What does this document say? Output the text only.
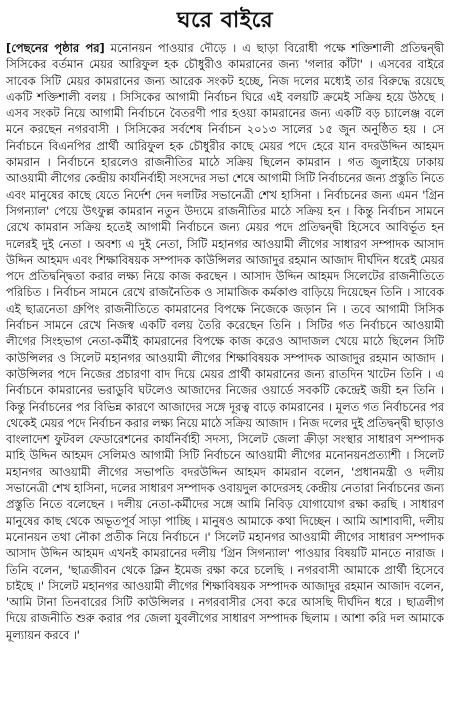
ঘরে বাইরে

[পেছনের পৃষ্ঠার পর] মনোনয়ন পাওয়ার দৌড়ে । এ ছাড়া বিরোধী পক্ষে শক্তিশালী প্রতিদ্বন্দ্বী সিসিকের বর্তমান মেয়র আরিফুল হক চৌধুরীও কামরানের জন্য 'গলার কাঁটা' । এসবের বাইরে সাবেক সিটি মেয়র কামরানের জন্য আরেক সংকট হচ্ছে, নিজ দলের মধ্যেই তার বিরুদ্ধে রয়েছে একটি শক্তিশালী বলয় । সিসিকের আগামী নির্বাচন ঘিরে এই বলয়টি ক্রমেই সক্রিয় হয়ে উঠছে । এসব সংকট নিয়ে আগামী নির্বাচনে বৈতরণী পার হওয়া কামরানের জন্য একটি বড় চ্যালেঞ্জ বলে মনে করছেন নগরবাসী । সিসিকের সর্বশেষ নির্বাচন ২০১৩ সালের ১৫ জুন অনুষ্ঠিত হয় । সে নির্বাচনে বিএনপির প্রার্থী আরিফুল হক চৌধুরীর কাছে মেয়র পদে হেরে যান বদরউদ্দিন আহমদ কামরান । নির্বাচনে হারলেও রাজনীতির মাঠে সক্রিয় ছিলেন কামরান । গত জুলাইয়ে ঢাকায় আওয়ামী লীগের কেন্দ্রীয় কার্যনির্বাহী সংসদের সভা শেষে আগামী সিটি নির্বাচনের জন্য প্রস্তুতি নিতে এবং মানুষের কাছে যেতে নির্দেশ দেন দলটির সভানেত্রী শেখ হাসিনা । নির্বাচনের জন্য এমন 'গ্রিন সিগন্যাল' পেয়ে উৎফুল্ল কামরান নতুন উদ্যমে রাজনীতির মাঠে সক্রিয় হন । কিন্তু নির্বাচন সামনে রেখে কামরান সক্রিয় হতেই আগামী নির্বাচনে জন্য মেয়র পদে প্রতিদ্বন্দ্বী হিসেবে আবির্ভূত হন দলেরই দুই নেতা । অবশ্য এ দুই নেতা, সিটি মহানগর আওয়ামী লীগের সাধারণ সম্পাদক আসাদ উদ্দিন আহমদ এবং শিক্ষাবিষয়ক সম্পাদক কাউন্সিলর আজাদুর রহমান আজাদ দীর্ঘদিন ধরেই মেয়র পদে প্রতিদ্বন্দ্বিতা করার লক্ষ্য নিয়ে কাজ করছেন । আসাদ উদ্দিন আহমদ সিলেটের রাজনীতিতে পরিচিত । নির্বাচন সামনে রেখে রাজনৈতিক ও সামাজিক কর্মকাণ্ড বাড়িয়ে দিয়েছেন তিনি । সাবেক এই ছাত্রনেতা গ্রুপিং রাজনীতিতে কামরানের বিপক্ষে নিজেকে জড়ান নি । তবে আগামী সিসিক নির্বাচন সামনে রেখে নিজস্ব একটি বলয় তৈরি করেছেন তিনি । সিটির গত নির্বাচনে আওয়ামী লীগের সিংহভাগ নেতা-কর্মীই কামরানের বিপক্ষে কাজ করেও আদাজল খেয়ে মাঠে ছিলেন সিটি কাউন্সিলর ও সিলেট মহানগর আওয়ামী লীগের শিক্ষাবিষয়ক সম্পাদক আজাদুর রহমান আজাদ । কাউন্সিলর পদে নিজের প্রচারণা বাদ দিয়ে মেয়র প্রার্থী কামরানের জন্য রাতদিন খাটেন তিনি । এ নির্বাচনে কামরানের ভরাডুবি ঘটলেও আজাদের নিজের ওয়ার্ডে সবকটি কেন্দ্রেই জয়ী হন তিনি । কিন্তু নির্বাচনের পর বিভিন্ন কারণে আজাদের সঙ্গে দূরত্ব বাড়ে কামরানের । মূলত গত নির্বাচনের পর থেকেই মেয়র পদে নির্বাচন করার লক্ষ্য নিয়ে মাঠে সক্রিয় আজাদ । নিজ দলের দুই প্রতিদ্বন্দ্বী ছাড়াও বাংলাদেশ ফুটবল ফেডারেশনের কার্যনির্বাহী সদস্য, সিলেট জেলা ক্রীড়া সংস্থার সাধারণ সম্পাদক মাহি উদ্দিন আহমদ সেলিমও আগামী সিটি নির্বাচনে আওয়ামী লীগের মনোনয়নপ্রত্যাশী । সিলেট মহানগর আওয়ামী লীগের সভাপতি বদরউদ্দিন আহমদ কামরান বলেন, 'প্রধানমন্ত্রী ও দলীয় সভানেত্রী শেখ হাসিনা, দলের সাধারণ সম্পাদক ওবায়দুল কাদেরসহ কেন্দ্রীয় নেতারা নির্বাচনের জন্য প্রস্তুতি নিতে বলেছেন । দলীয় নেতা-কর্মীদের সঙ্গে আমি নিবিড় যোগাযোগ রক্ষা করছি । সাধারণ মানুষের কাছ থেকে অভূতপূর্ব সাড়া পাচ্ছি । মানুষও আমাকে কথা দিচ্ছেন । আমি আশাবাদী, দলীয় মনোনয়ন তথা নৌকা প্রতীক নিয়ে নির্বাচনে ।' সিলেট মহানগর আওয়ামী লীগের সাধারণ সম্পাদক আসাদ উদ্দিন আহমদ এখনই কামরানের দলীয় 'গ্রিন সিগন্যাল' পাওয়ার বিষয়টি মানতে নারাজ । তিনি বলেন, 'ছাত্রজীবন থেকে ক্লিন ইমেজ রক্ষা করে চলেছি । নগরবাসী আমাকে প্রার্থী হিসেবে চাইছে ।' সিলেট মহানগর আওয়ামী লীগের শিক্ষাবিষয়ক সম্পাদক আজাদুর রহমান আজাদ বলেন, 'আমি টানা তিনবারের সিটি কাউন্সিলর । নগরবাসীর সেবা করে আসছি দীর্ঘদিন ধরে । ছাত্রলীগ দিয়ে রাজনীতি শুরু করার পর জেলা যুবলীগের সাধারণ সম্পাদক ছিলাম । আশা করি দল আমাকে মূল্যায়ন করবে ।'
